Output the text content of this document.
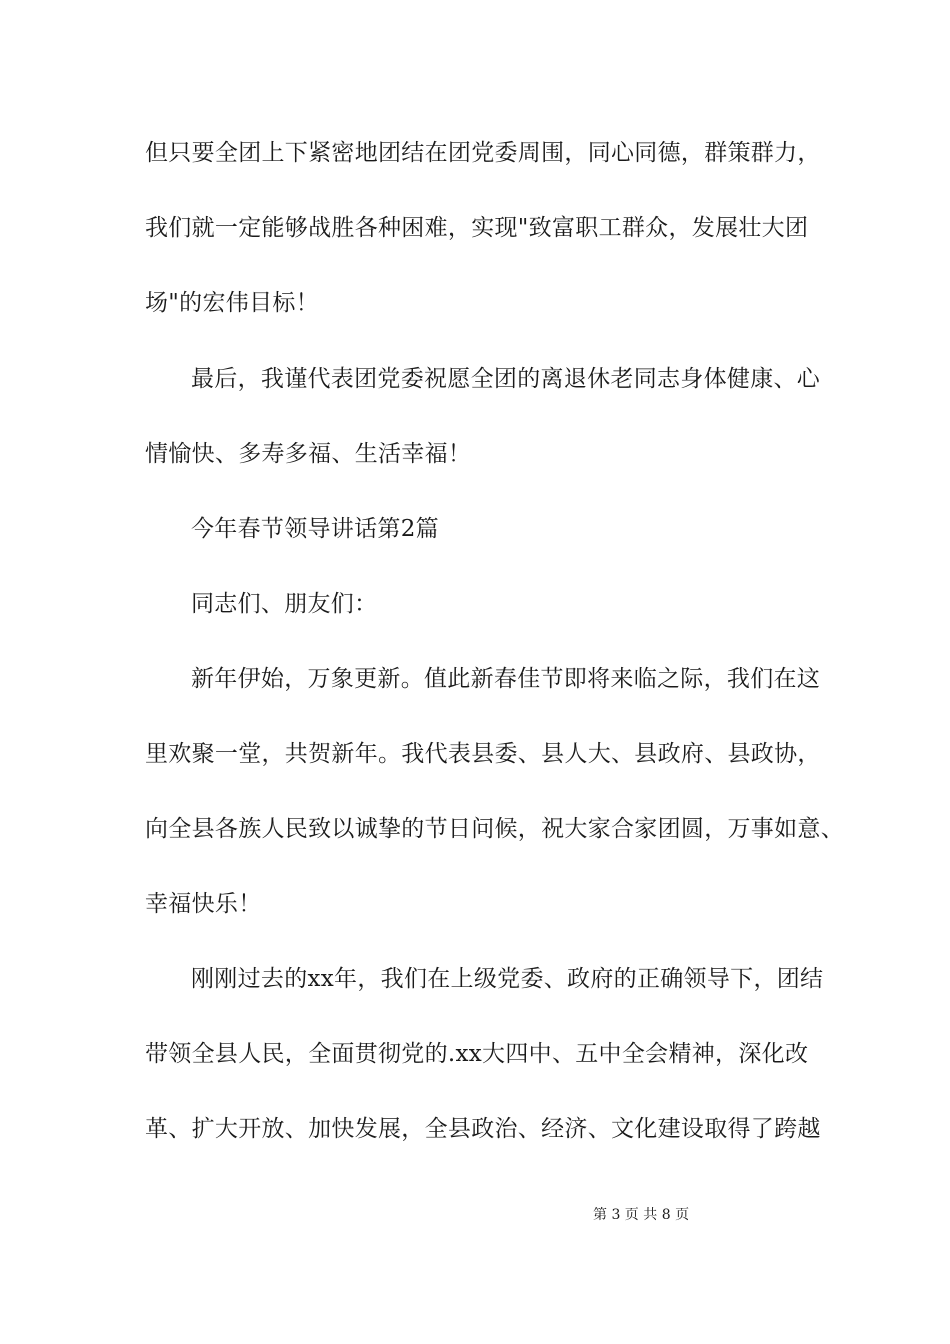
但只要全团上下紧密地团结在团党委周围，同心同德，群策群力，
我们就一定能够战胜各种困难，实现"致富职工群众，发展壮大团
场"的宏伟目标！
最后，我谨代表团党委祝愿全团的离退休老同志身体健康、心
情愉快、多寿多福、生活幸福！
今年春节领导讲话第2篇
同志们、朋友们：
新年伊始，万象更新。值此新春佳节即将来临之际，我们在这
里欢聚一堂，共贺新年。我代表县委、县人大、县政府、县政协，
向全县各族人民致以诚挚的节日问候，祝大家合家团圆，万事如意、
幸福快乐！
刚刚过去的xx年，我们在上级党委、政府的正确领导下，团结
带领全县人民，全面贯彻党的.xx大四中、五中全会精神，深化改
革、扩大开放、加快发展，全县政治、经济、文化建设取得了跨越
第 3 页 共 8 页
